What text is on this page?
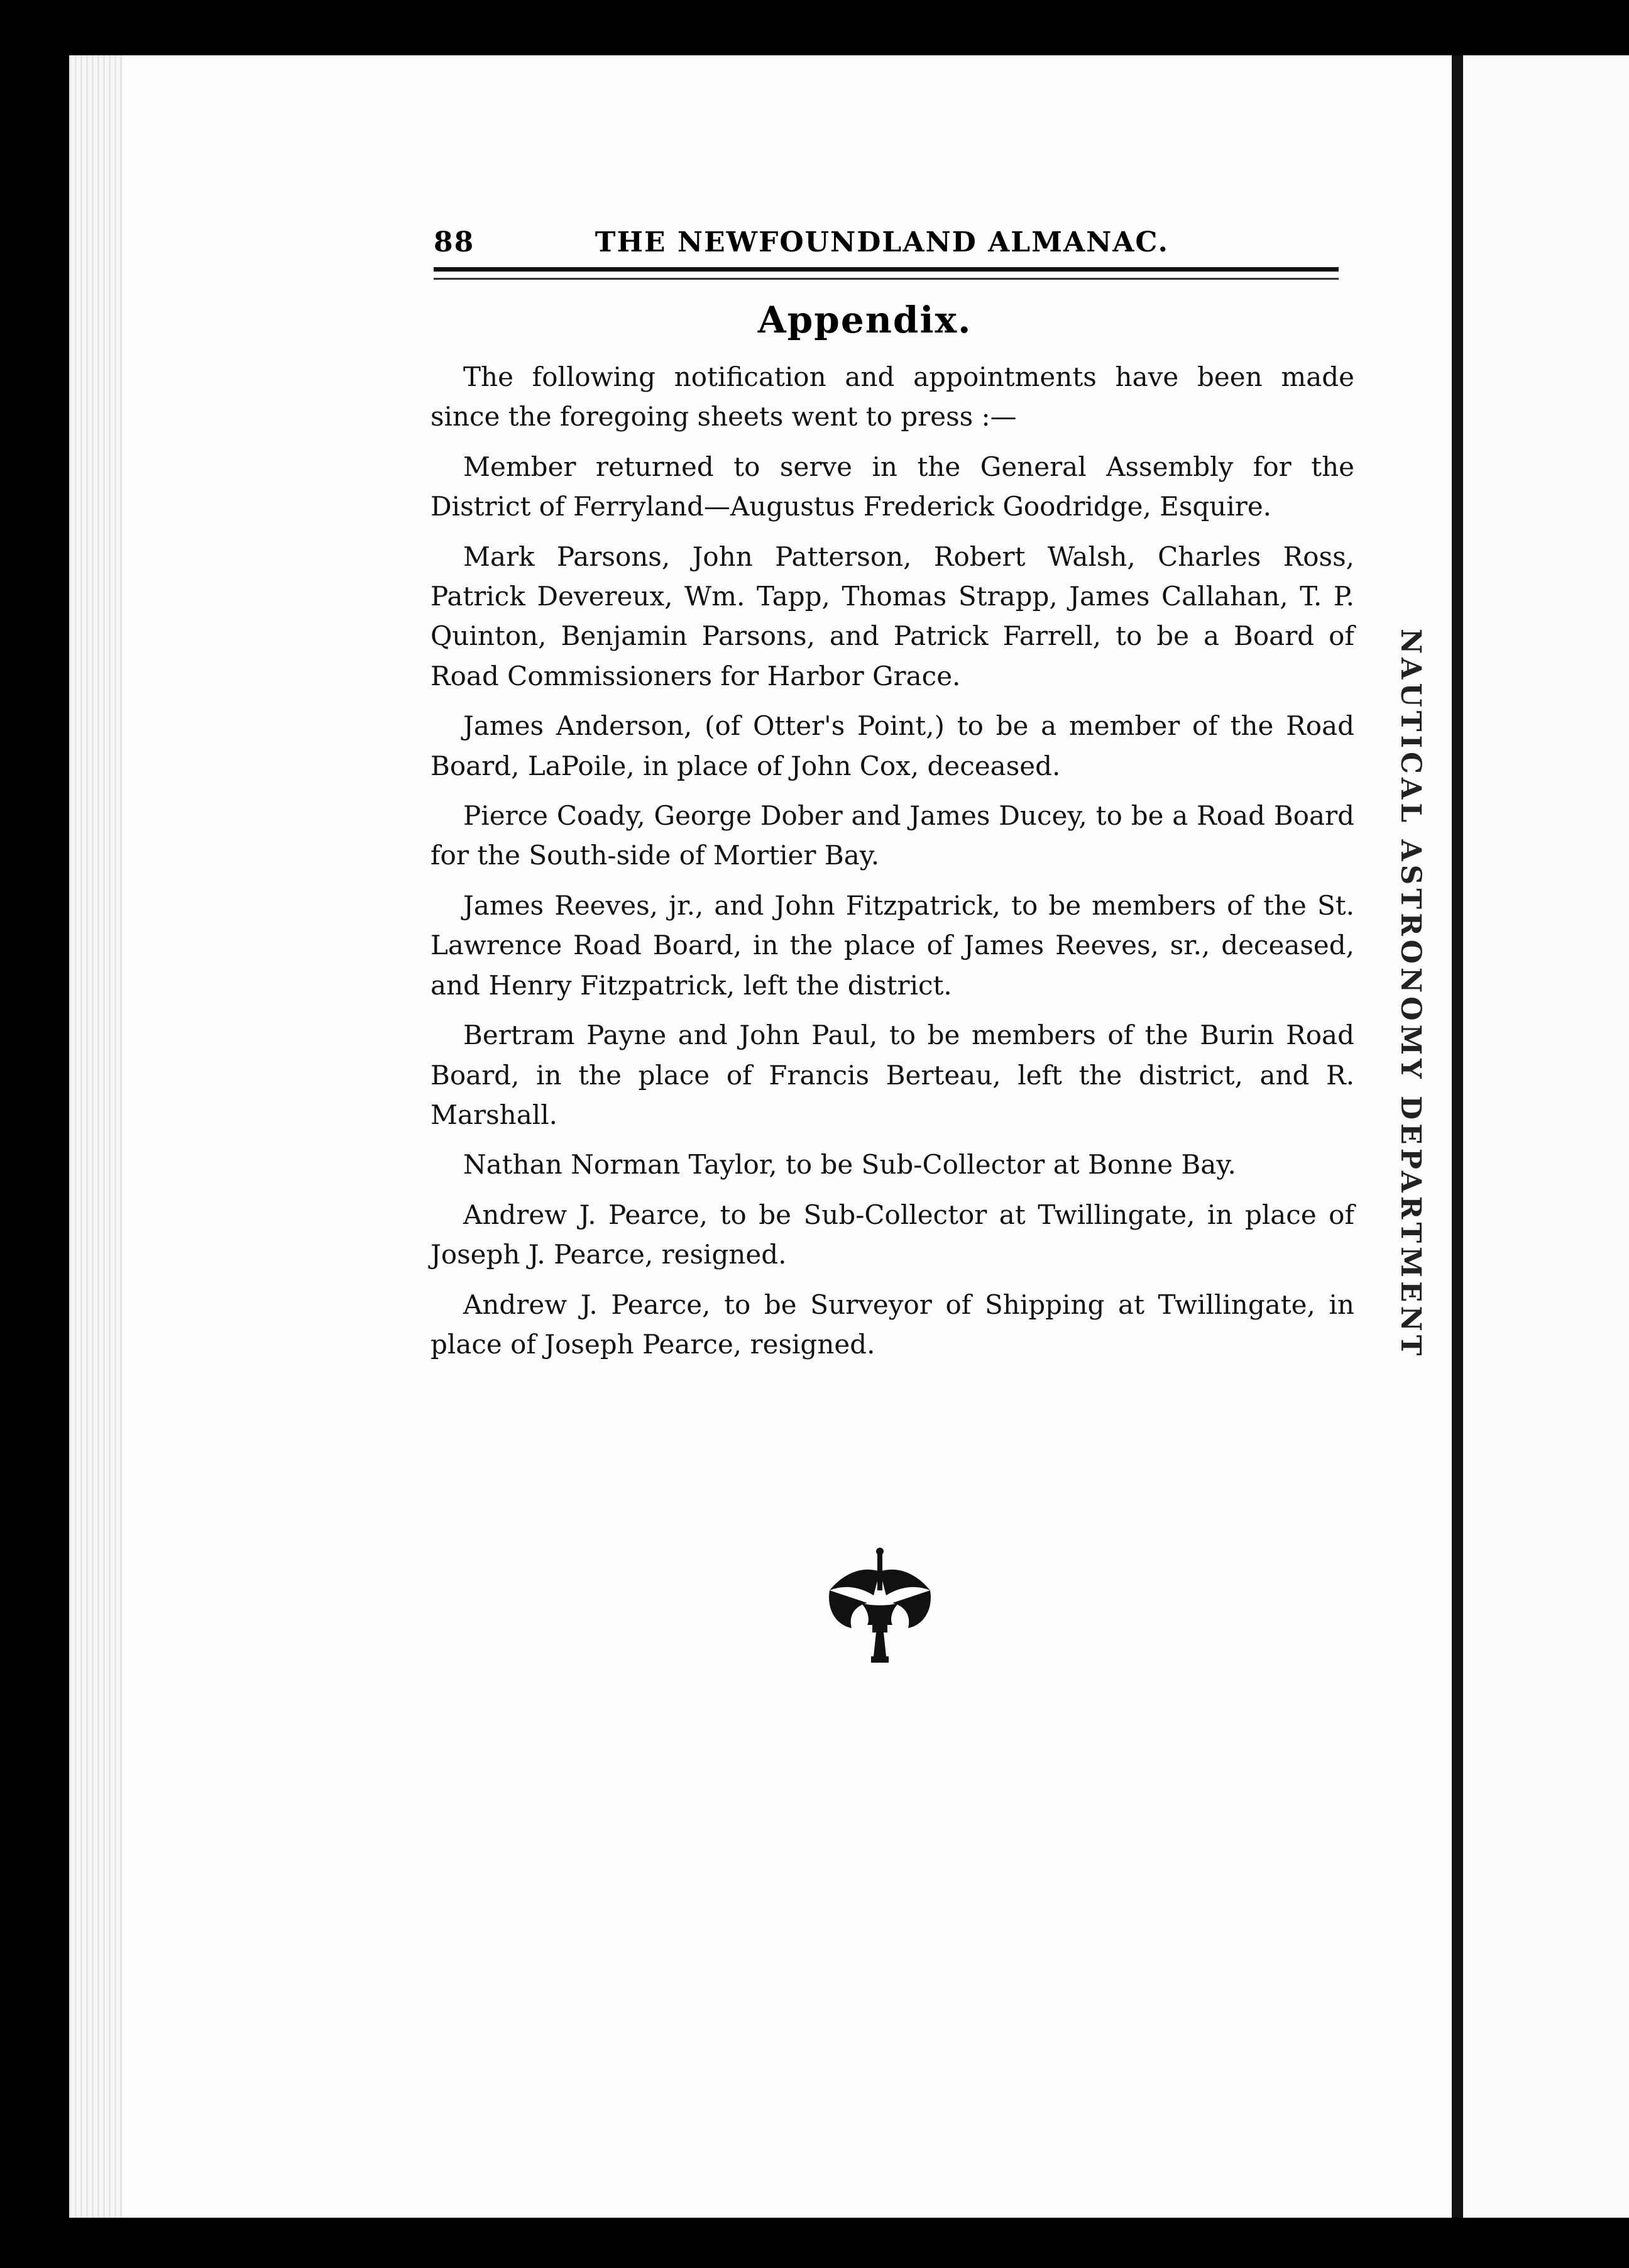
NAUTICAL ASTRONOMY DEPARTMENT
88	THE NEWFOUNDLAND ALMANAC.
Appendix.

The following notification and appointments have been made since the foregoing sheets went to press :—

Member returned to serve in the General Assembly for the District of Ferryland—Augustus Frederick Goodridge, Esquire.

Mark Parsons, John Patterson, Robert Walsh, Charles Ross, Patrick Devereux, Wm. Tapp, Thomas Strapp, James Callahan, T. P. Quinton, Benjamin Parsons, and Patrick Farrell, to be a Board of Road Commissioners for Harbor Grace.

James Anderson, (of Otter's Point,) to be a member of the Road Board, LaPoile, in place of John Cox, deceased.

Pierce Coady, George Dober and James Ducey, to be a Road Board for the South-side of Mortier Bay.

James Reeves, jr., and John Fitzpatrick, to be members of the St. Lawrence Road Board, in the place of James Reeves, sr., deceased, and Henry Fitzpatrick, left the district.

Bertram Payne and John Paul, to be members of the Burin Road Board, in the place of Francis Berteau, left the district, and R. Marshall.

Nathan Norman Taylor, to be Sub-Collector at Bonne Bay.

Andrew J. Pearce, to be Sub-Collector at Twillingate, in place of Joseph J. Pearce, resigned.

Andrew J. Pearce, to be Surveyor of Shipping at Twillingate, in place of Joseph Pearce, resigned.
